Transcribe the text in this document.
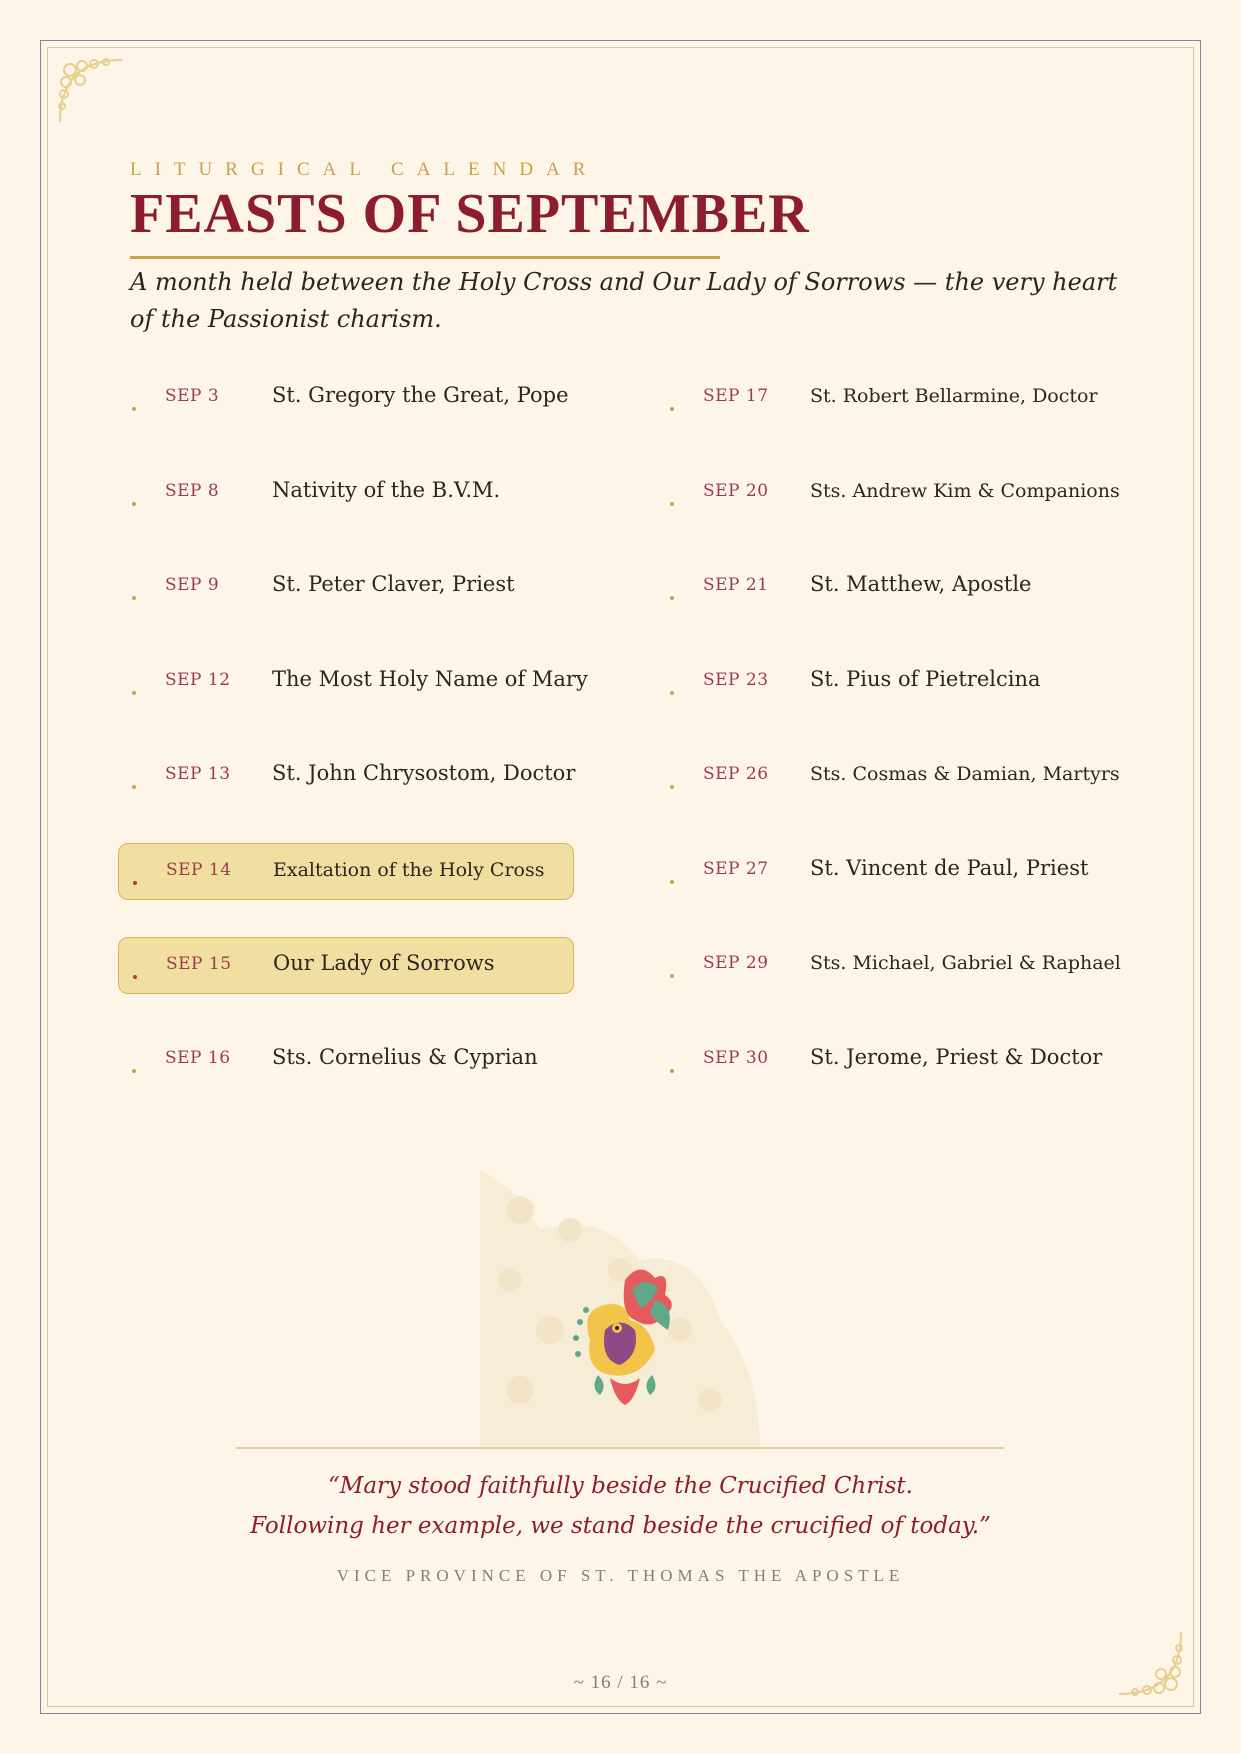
LITURGICAL CALENDAR

FEASTS OF SEPTEMBER

A month held between the Holy Cross and Our Lady of Sorrows — the very heart of the Passionist charism.

SEP 3	St. Gregory the Great, Pope
SEP 8	Nativity of the B.V.M.
SEP 9	St. Peter Claver, Priest
SEP 12 The Most Holy Name of Mary
SEP 13 St. John Chrysostom, Doctor
SEP 14 Exaltation of the Holy Cross
SEP 15 Our Lady of Sorrows
SEP 16 Sts. Cornelius & Cyprian
SEP 17 St. Robert Bellarmine, Doctor
SEP 20 Sts. Andrew Kim & Companions
SEP 21 St. Matthew, Apostle
SEP 23 St. Pius of Pietrelcina
SEP 26 Sts. Cosmas & Damian, Martyrs
SEP 27 St. Vincent de Paul, Priest
SEP 29 Sts. Michael, Gabriel & Raphael
SEP 30 St. Jerome, Priest & Doctor

“Mary stood faithfully beside the Crucified Christ.
Following her example, we stand beside the crucified of today.”

VICE PROVINCE OF ST. THOMAS THE APOSTLE
~ 16 / 16 ~
